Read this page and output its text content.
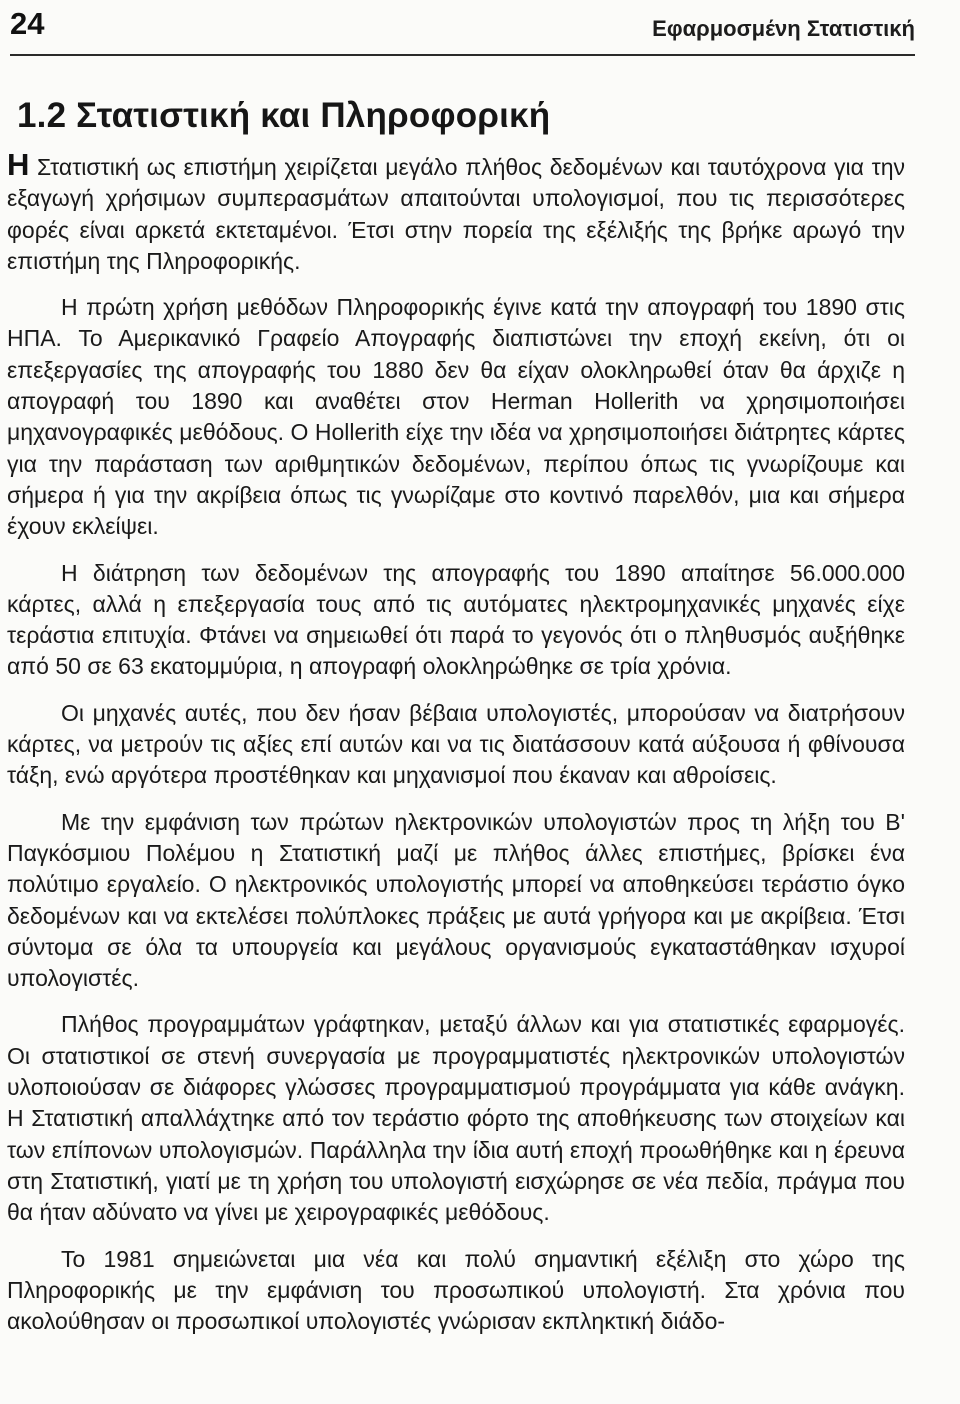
24	Εφαρμοσμένη Στατιστική
1.2 Στατιστική και Πληροφορική

Η Στατιστική ως επιστήμη χειρίζεται μεγάλο πλήθος δεδομένων και ταυτόχρονα για την εξαγωγή χρήσιμων συμπερασμάτων απαιτούνται υπολογισμοί, που τις περισσότερες φορές είναι αρκετά εκτεταμένοι. Έτσι στην πορεία της εξέλιξής της βρήκε αρωγό την επιστήμη της Πληροφορικής.

Η πρώτη χρήση μεθόδων Πληροφορικής έγινε κατά την απογραφή του 1890 στις ΗΠΑ. Το Αμερικανικό Γραφείο Απογραφής διαπιστώνει την εποχή εκείνη, ότι οι επεξεργασίες της απογραφής του 1880 δεν θα είχαν ολοκληρωθεί όταν θα άρχιζε η απογραφή του 1890 και αναθέτει στον Herman Hollerith να χρησιμοποιήσει μηχανογραφικές μεθόδους. Ο Hollerith είχε την ιδέα να χρησιμοποιήσει διάτρητες κάρτες για την παράσταση των αριθμητικών δεδομένων, περίπου όπως τις γνωρίζουμε και σήμερα ή για την ακρίβεια όπως τις γνωρίζαμε στο κοντινό παρελθόν, μια και σήμερα έχουν εκλείψει.

Η διάτρηση των δεδομένων της απογραφής του 1890 απαίτησε 56.000.000 κάρτες, αλλά η επεξεργασία τους από τις αυτόματες ηλεκτρομηχανικές μηχανές είχε τεράστια επιτυχία. Φτάνει να σημειωθεί ότι παρά το γεγονός ότι ο πληθυσμός αυξήθηκε από 50 σε 63 εκατομμύρια, η απογραφή ολοκληρώθηκε σε τρία χρόνια.

Οι μηχανές αυτές, που δεν ήσαν βέβαια υπολογιστές, μπορούσαν να διατρήσουν κάρτες, να μετρούν τις αξίες επί αυτών και να τις διατάσσουν κατά αύξουσα ή φθίνουσα τάξη, ενώ αργότερα προστέθηκαν και μηχανισμοί που έκαναν και αθροίσεις.

Με την εμφάνιση των πρώτων ηλεκτρονικών υπολογιστών προς τη λήξη του Β' Παγκόσμιου Πολέμου η Στατιστική μαζί με πλήθος άλλες επιστήμες, βρίσκει ένα πολύτιμο εργαλείο. Ο ηλεκτρονικός υπολογιστής μπορεί να αποθηκεύσει τεράστιο όγκο δεδομένων και να εκτελέσει πολύπλοκες πράξεις με αυτά γρήγορα και με ακρίβεια. Έτσι σύντομα σε όλα τα υπουργεία και μεγάλους οργανισμούς εγκαταστάθηκαν ισχυροί υπολογιστές.

Πλήθος προγραμμάτων γράφτηκαν, μεταξύ άλλων και για στατιστικές εφαρμογές. Οι στατιστικοί σε στενή συνεργασία με προγραμματιστές ηλεκτρονικών υπολογιστών υλοποιούσαν σε διάφορες γλώσσες προγραμματισμού προγράμματα για κάθε ανάγκη. Η Στατιστική απαλλάχτηκε από τον τεράστιο φόρτο της αποθήκευσης των στοιχείων και των επίπονων υπολογισμών. Παράλληλα την ίδια αυτή εποχή προωθήθηκε και η έρευνα στη Στατιστική, γιατί με τη χρήση του υπολογιστή εισχώρησε σε νέα πεδία, πράγμα που θα ήταν αδύνατο να γίνει με χειρογραφικές μεθόδους.

Το 1981 σημειώνεται μια νέα και πολύ σημαντική εξέλιξη στο χώρο της Πληροφορικής με την εμφάνιση του προσωπικού υπολογιστή. Στα χρόνια που ακολούθησαν οι προσωπικοί υπολογιστές γνώρισαν εκπληκτική διάδο-
